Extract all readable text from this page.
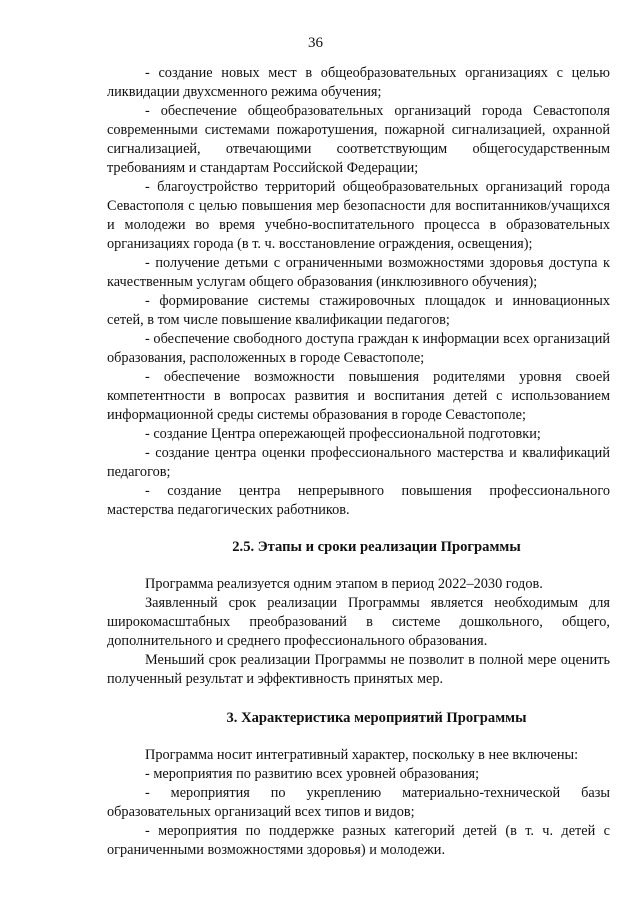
36

- создание новых мест в общеобразовательных организациях с целью ликвидации двухсменного режима обучения;

- обеспечение общеобразовательных организаций города Севастополя современными системами пожаротушения, пожарной сигнализацией, охранной сигнализацией, отвечающими соответствующим общегосударственным требованиям и стандартам Российской Федерации;

- благоустройство территорий общеобразовательных организаций города Севастополя с целью повышения мер безопасности для воспитанников/учащихся и молодежи во время учебно-воспитательного процесса в образовательных организациях города (в т. ч. восстановление ограждения, освещения);

- получение детьми с ограниченными возможностями здоровья доступа к качественным услугам общего образования (инклюзивного обучения);

- формирование системы стажировочных площадок и инновационных сетей, в том числе повышение квалификации педагогов;

- обеспечение свободного доступа граждан к информации всех организаций образования, расположенных в городе Севастополе;

- обеспечение возможности повышения родителями уровня своей компетентности в вопросах развития и воспитания детей с использованием информационной среды системы образования в городе Севастополе;

- создание Центра опережающей профессиональной подготовки;

- создание центра оценки профессионального мастерства и квалификаций педагогов;

- создание центра непрерывного повышения профессионального мастерства педагогических работников.

2.5. Этапы и сроки реализации Программы

Программа реализуется одним этапом в период 2022–2030 годов.

Заявленный срок реализации Программы является необходимым для широкомасштабных преобразований в системе дошкольного, общего, дополнительного и среднего профессионального образования.

Меньший срок реализации Программы не позволит в полной мере оценить полученный результат и эффективность принятых мер.

3. Характеристика мероприятий Программы

Программа носит интегративный характер, поскольку в нее включены:

- мероприятия по развитию всех уровней образования;

- мероприятия по укреплению материально-технической базы образовательных организаций всех типов и видов;

- мероприятия по поддержке разных категорий детей (в т. ч. детей с ограниченными возможностями здоровья) и молодежи.
